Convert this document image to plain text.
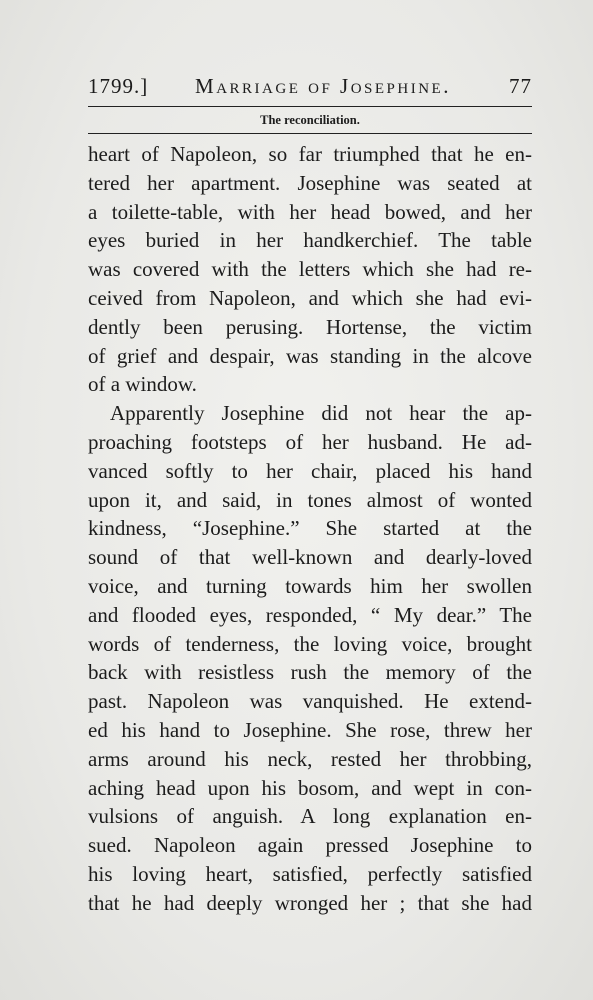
1799.]	Marriage of Josephine.	77
The reconciliation.
heart of Napoleon, so far triumphed that he en-
tered her apartment. Josephine was seated at
a toilette-table, with her head bowed, and her
eyes buried in her handkerchief. The table
was covered with the letters which she had re-
ceived from Napoleon, and which she had evi-
dently been perusing. Hortense, the victim
of grief and despair, was standing in the alcove
of a window.
Apparently Josephine did not hear the ap-
proaching footsteps of her husband. He ad-
vanced softly to her chair, placed his hand
upon it, and said, in tones almost of wonted
kindness, “Josephine.” She started at the
sound of that well-known and dearly-loved
voice, and turning towards him her swollen
and flooded eyes, responded, “ My dear.” The
words of tenderness, the loving voice, brought
back with resistless rush the memory of the
past. Napoleon was vanquished. He extend-
ed his hand to Josephine. She rose, threw her
arms around his neck, rested her throbbing,
aching head upon his bosom, and wept in con-
vulsions of anguish. A long explanation en-
sued. Napoleon again pressed Josephine to
his loving heart, satisfied, perfectly satisfied
that he had deeply wronged her ; that she had
